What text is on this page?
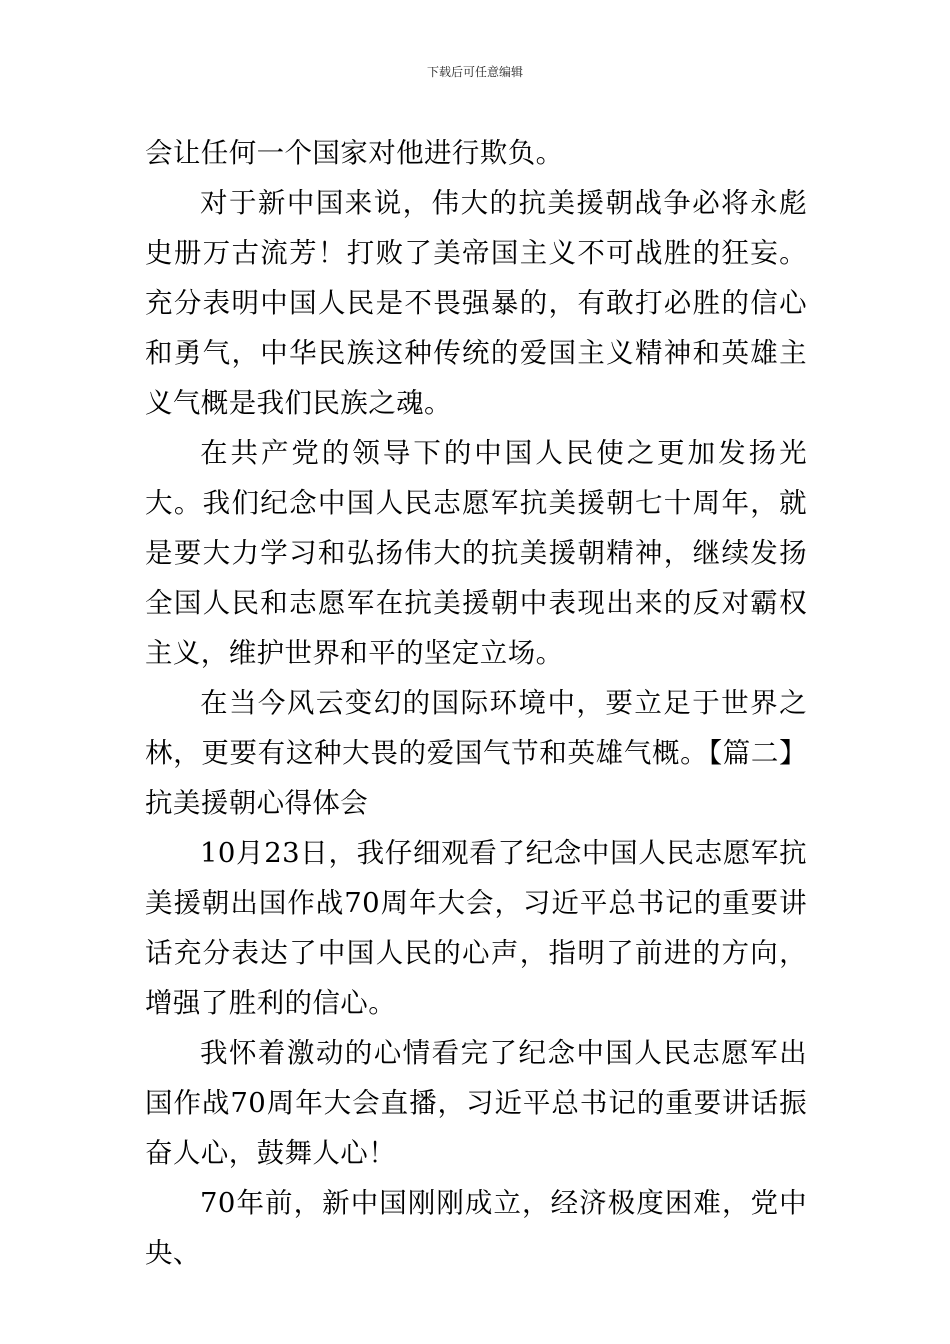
下载后可任意编辑

会让任何一个国家对他进行欺负。

对于新中国来说，伟大的抗美援朝战争必将永彪史册万古流芳！打败了美帝国主义不可战胜的狂妄。充分表明中国人民是不畏强暴的，有敢打必胜的信心和勇气，中华民族这种传统的爱国主义精神和英雄主义气概是我们民族之魂。

在共产党的领导下的中国人民使之更加发扬光大。我们纪念中国人民志愿军抗美援朝七十周年，就是要大力学习和弘扬伟大的抗美援朝精神，继续发扬全国人民和志愿军在抗美援朝中表现出来的反对霸权主义，维护世界和平的坚定立场。

在当今风云变幻的国际环境中，要立足于世界之林，更要有这种大畏的爱国气节和英雄气概。【篇二】抗美援朝心得体会

10月23日，我仔细观看了纪念中国人民志愿军抗美援朝出国作战70周年大会，习近平总书记的重要讲话充分表达了中国人民的心声，指明了前进的方向，增强了胜利的信心。

我怀着激动的心情看完了纪念中国人民志愿军出国作战70周年大会直播，习近平总书记的重要讲话振奋人心，鼓舞人心！

70年前，新中国刚刚成立，经济极度困难，党中央、
